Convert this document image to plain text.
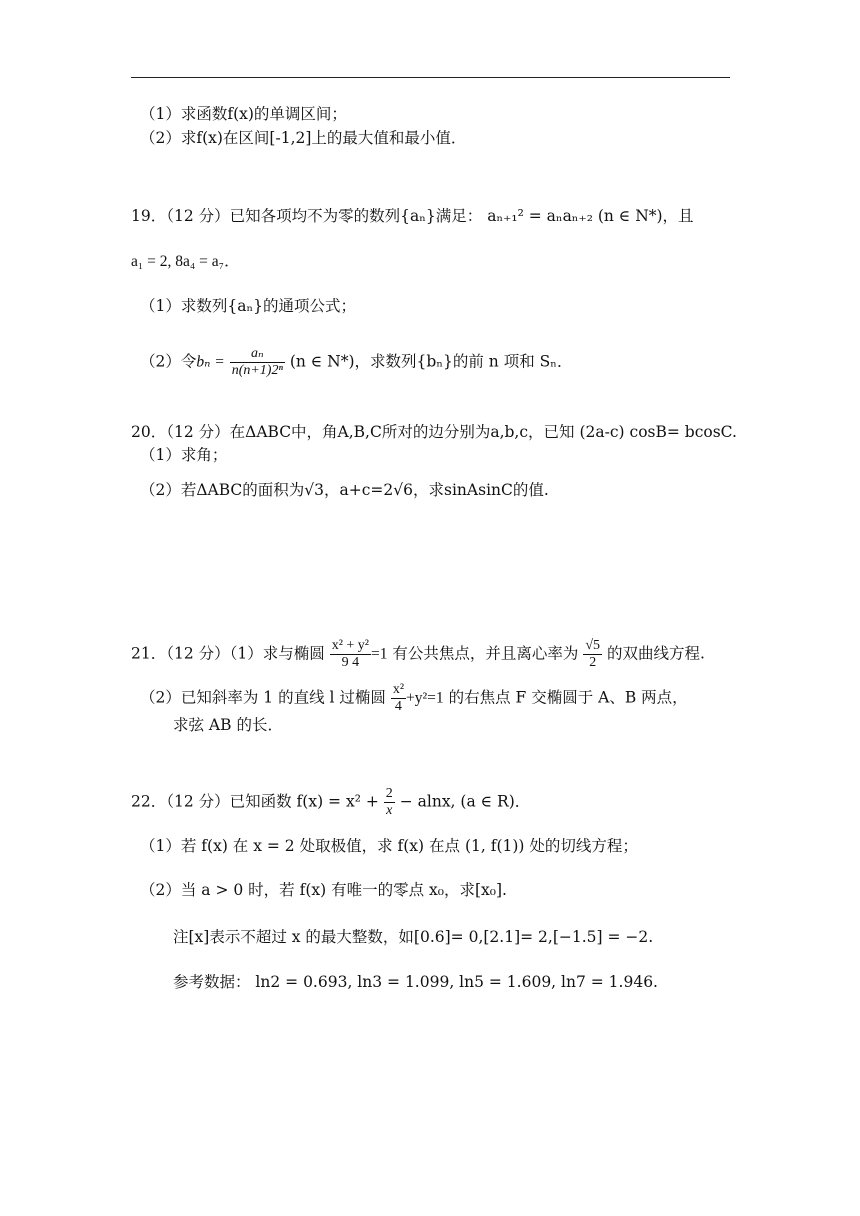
（1）求函数f(x)的单调区间；
（2）求f(x)在区间[-1,2]上的最大值和最小值．
19．（12 分）已知各项均不为零的数列{aₙ}满足： aₙ₊₁² = aₙaₙ₊₂ (n ∈ N*)，且
a₁ = 2, 8a₄ = a₇．
（1）求数列{aₙ}的通项公式；
（2）令$b_n = \frac{\text{aₙ}}{\text{n(n+1)2ⁿ}} (n$ ∈ N*)，求数列{bₙ}的前 n 项和 Sₙ．
20．（12 分）在ΔABC中，角A,B,C所对的边分别为a,b,c，已知 (2a-c) cosB= bcosC.
（1）求角；
（2）若ΔABC的面积为√3，a+c=2√6，求sinAsinC的值.
21．（12 分）（1）求与椭圆 $\frac{\text{x² + y²}}{9 4} =1$ 有公共焦点，并且离心率为 $\frac{√5}{2}$ 的双曲线方程.
（2）已知斜率为 1 的直线 l 过椭圆 $\frac{\text{x²}}{4} +y^2=1$ 的右焦点 F 交椭圆于 A、B 两点，
求弦 AB 的长．
22．（12 分）已知函数 $f(x) = x^2 + \frac{2}{x} - alnx$, (a ∈ R)．
（1）若 f(x) 在 x = 2 处取极值，求 f(x) 在点 (1, f(1)) 处的切线方程；
（2）当 a > 0 时，若 f(x) 有唯一的零点 x₀，求[x₀].
注[x]表示不超过 x 的最大整数，如[0.6]= 0,[2.1]= 2,[−1.5] = −2.
参考数据： ln2 = 0.693, ln3 = 1.099, ln5 = 1.609, ln7 = 1.946.
